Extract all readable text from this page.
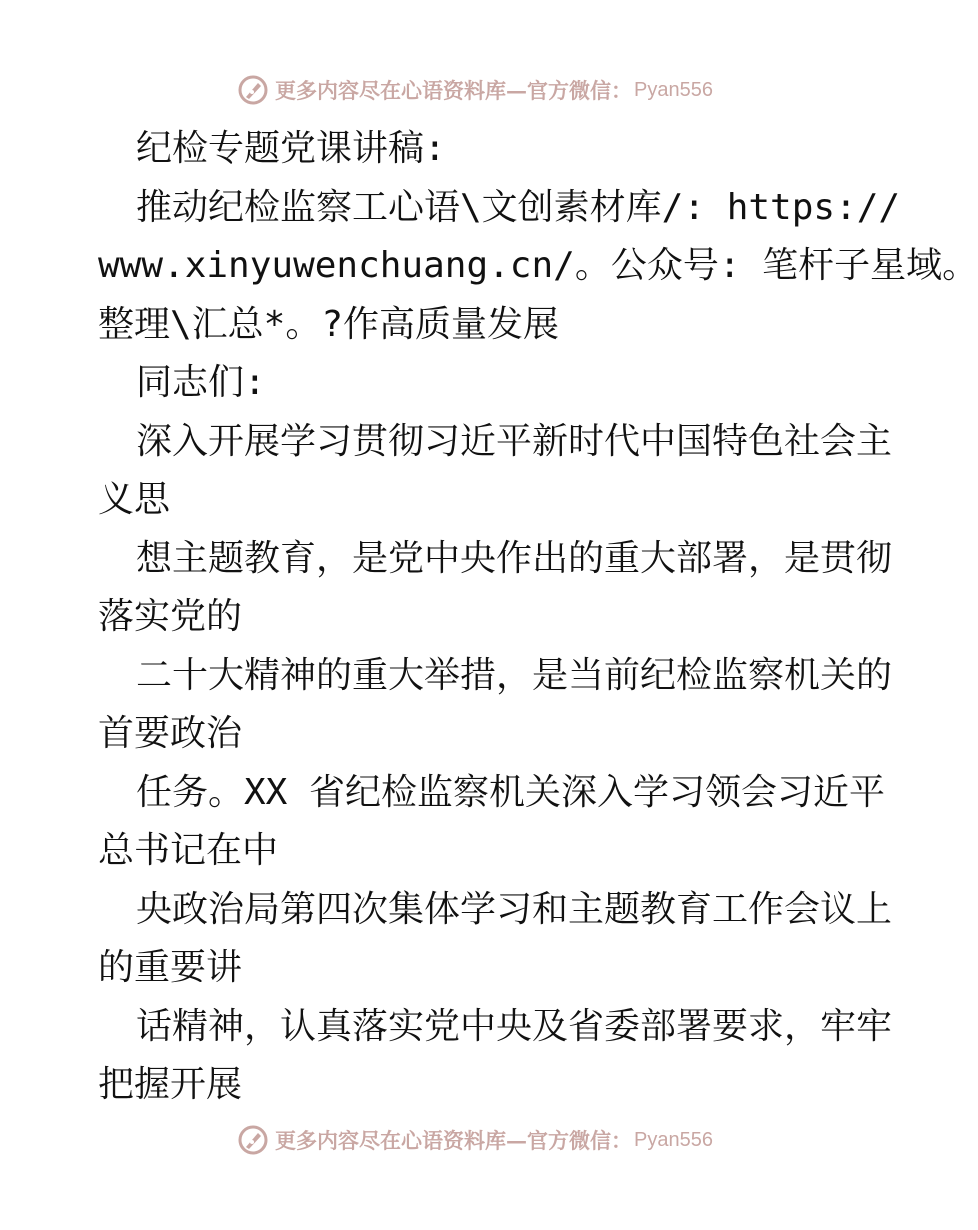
更多内容尽在心语资料库 — 官方微信： Pyan556
纪检专题党课讲稿:
推动纪检监察工心语\文创素材库/: https://
www.xinyuwenchuang.cn/。公众号: 笔杆子星域。
整理\汇总*。?作高质量发展
同志们:
深入开展学习贯彻习近平新时代中国特色社会主
义思
想主题教育，是党中央作出的重大部署，是贯彻
落实党的
二十大精神的重大举措，是当前纪检监察机关的
首要政治
任务。XX 省纪检监察机关深入学习领会习近平
总书记在中
央政治局第四次集体学习和主题教育工作会议上
的重要讲
话精神，认真落实党中央及省委部署要求，牢牢
把握开展
更多内容尽在心语资料库 — 官方微信： Pyan556
